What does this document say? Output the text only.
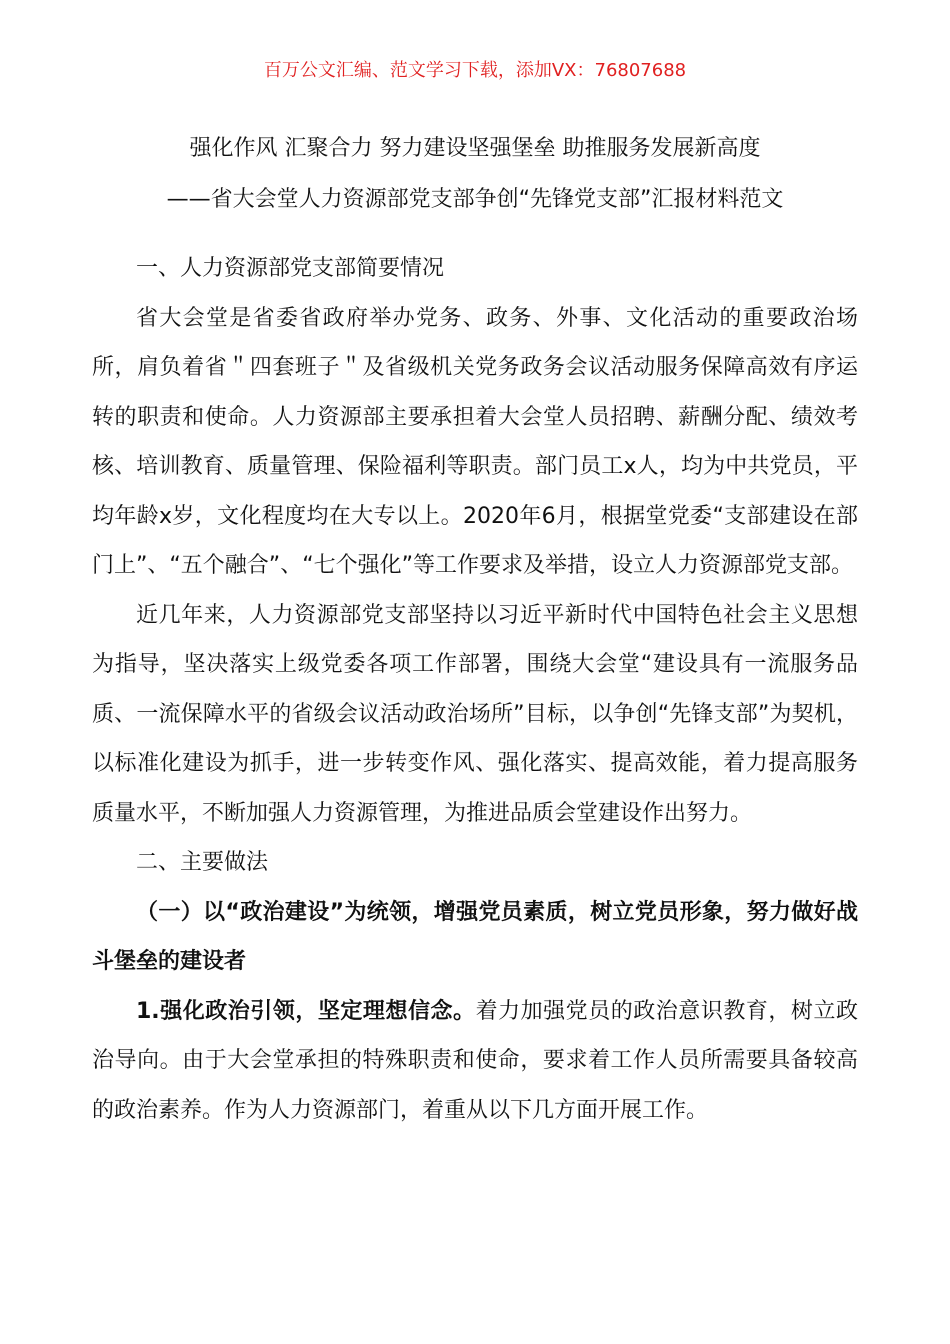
百万公文汇编、范文学习下载，添加VX：76807688
强化作风 汇聚合力 努力建设坚强堡垒 助推服务发展新高度
——省大会堂人力资源部党支部争创“先锋党支部”汇报材料范文

一、人力资源部党支部简要情况

省大会堂是省委省政府举办党务、政务、外事、文化活动的重要政治场所，肩负着省＂四套班子＂及省级机关党务政务会议活动服务保障高效有序运转的职责和使命。人力资源部主要承担着大会堂人员招聘、薪酬分配、绩效考核、培训教育、质量管理、保险福利等职责。部门员工x人，均为中共党员，平均年龄x岁，文化程度均在大专以上。2020年6月，根据堂党委“支部建设在部门上”、“五个融合”、“七个强化”等工作要求及举措，设立人力资源部党支部。

近几年来，人力资源部党支部坚持以习近平新时代中国特色社会主义思想为指导，坚决落实上级党委各项工作部署，围绕大会堂“建设具有一流服务品质、一流保障水平的省级会议活动政治场所”目标，以争创“先锋支部”为契机，以标准化建设为抓手，进一步转变作风、强化落实、提高效能，着力提高服务质量水平，不断加强人力资源管理，为推进品质会堂建设作出努力。

二、主要做法

（一）以“政治建设”为统领，增强党员素质，树立党员形象，努力做好战斗堡垒的建设者

1.强化政治引领，坚定理想信念。着力加强党员的政治意识教育，树立政治导向。由于大会堂承担的特殊职责和使命，要求着工作人员所需要具备较高的政治素养。作为人力资源部门，着重从以下几方面开展工作。
